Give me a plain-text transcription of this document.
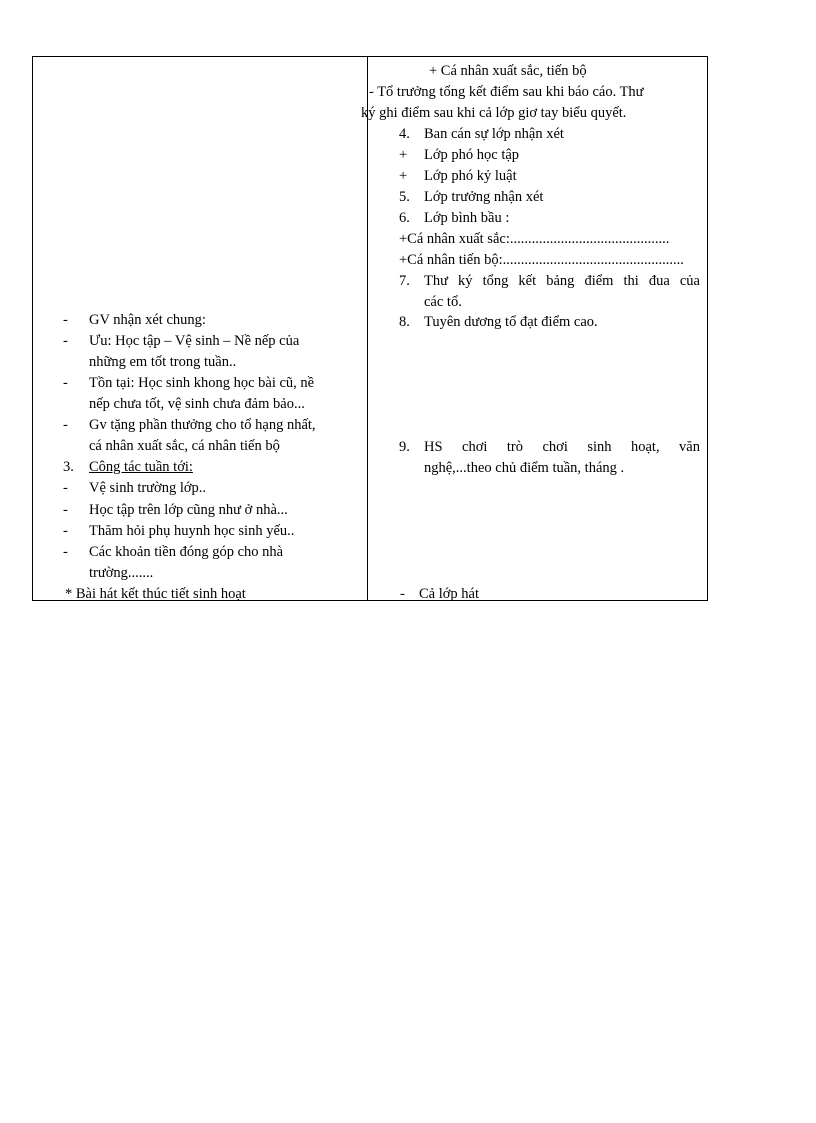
- GV nhận xét chung:
- Ưu: Học tập – Vệ sinh – Nề nếp của
những em tốt trong tuần..
- Tồn tại: Học sinh khong học bài cũ, nề
nếp chưa tốt, vệ sinh chưa đảm bảo...
- Gv tặng phần thưởng cho tổ hạng nhất,
cá nhân xuất sắc, cá nhân tiến bộ
3. Công tác tuần tới:
- Vệ sinh trường lớp..
- Học tập trên lớp cũng như ở nhà...
- Thăm hỏi phụ huynh học sinh yếu..
- Các khoản tiền đóng góp cho nhà
trường.......
* Bài hát kết thúc tiết sinh hoạt
+ Cá nhân xuất sắc, tiến bộ
- Tổ trưởng tổng kết điểm sau khi báo cáo. Thư
ký ghi điểm sau khi cả lớp giơ tay biểu quyết.
4. Ban cán sự lớp nhận xét
+ Lớp phó học tập
+ Lớp phó kỷ luật
5. Lớp trưởng nhận xét
6. Lớp bình bầu :
+Cá nhân xuất sắc:............................................
+Cá nhân tiến bộ:..................................................
7. Thư ký tổng kết bảng điểm thi đua của
các tổ.
8. Tuyên dương tổ đạt điểm cao.
9. HS chơi trò chơi sinh hoạt, văn
nghệ,...theo chủ điểm tuần, tháng .
- Cả lớp hát
